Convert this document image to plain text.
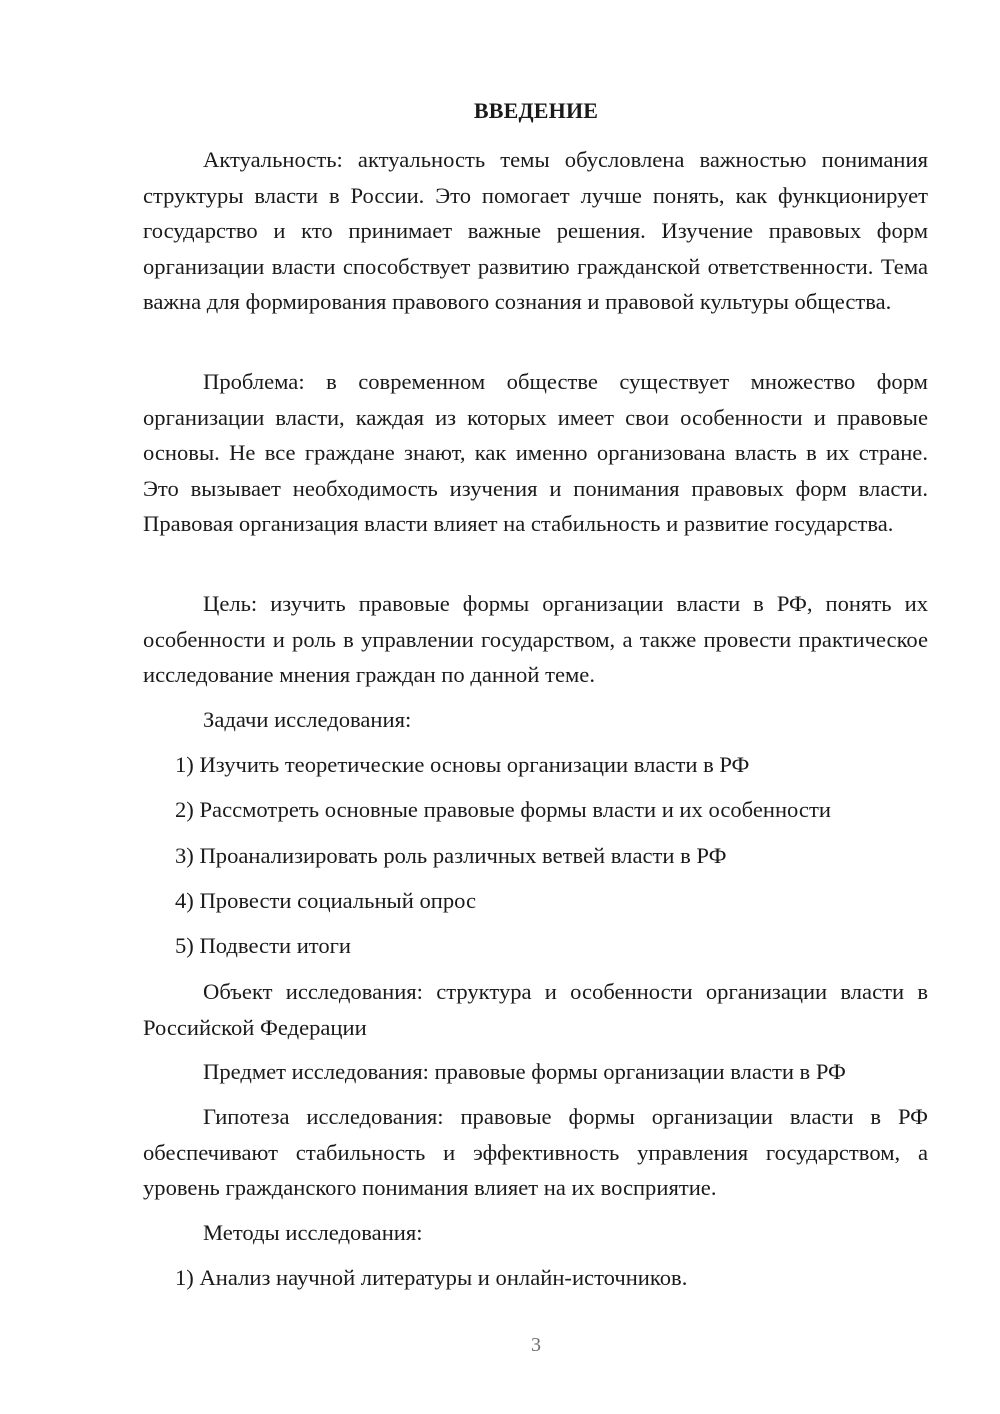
ВВЕДЕНИЕ

Актуальность: актуальность темы обусловлена важностью понимания структуры власти в России. Это помогает лучше понять, как функционирует государство и кто принимает важные решения. Изучение правовых форм организации власти способствует развитию гражданской ответственности. Тема важна для формирования правового сознания и правовой культуры общества.

Проблема: в современном обществе существует множество форм организации власти, каждая из которых имеет свои особенности и правовые основы. Не все граждане знают, как именно организована власть в их стране. Это вызывает необходимость изучения и понимания правовых форм власти. Правовая организация власти влияет на стабильность и развитие государства.

Цель: изучить правовые формы организации власти в РФ, понять их особенности и роль в управлении государством, а также провести практическое исследование мнения граждан по данной теме.

Задачи исследования:

1) Изучить теоретические основы организации власти в РФ

2) Рассмотреть основные правовые формы власти и их особенности

3) Проанализировать роль различных ветвей власти в РФ

4) Провести социальный опрос

5) Подвести итоги

Объект исследования: структура и особенности организации власти в Российской Федерации

Предмет исследования: правовые формы организации власти в РФ

Гипотеза исследования: правовые формы организации власти в РФ обеспечивают стабильность и эффективность управления государством, а уровень гражданского понимания влияет на их восприятие.

Методы исследования:

1) Анализ научной литературы и онлайн-источников.

3
